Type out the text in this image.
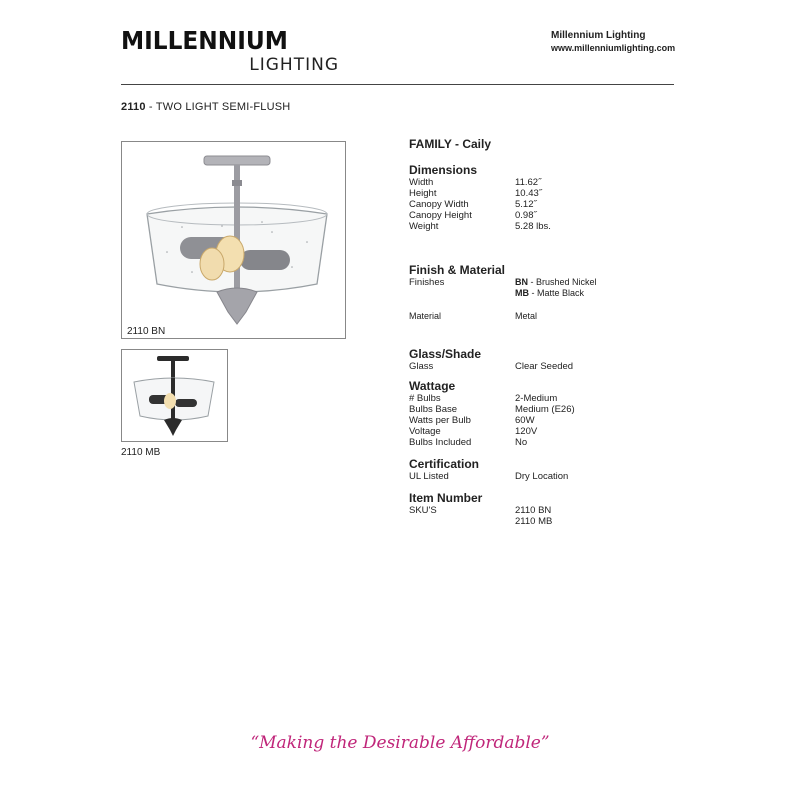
MILLENNIUM
LIGHTING
Millennium Lighting
www.millenniumlighting.com
2110 - TWO LIGHT SEMI-FLUSH
2110 BN
2110 MB
FAMILY - Caily
Dimensions
Width	11.62˝
Height	10.43˝
Canopy Width	5.12˝
Canopy Height	0.98˝
Weight	5.28 lbs.
Finish & Material
Finishes	BN - Brushed Nickel
MB - Matte Black
Material	Metal
Glass/Shade
Glass	Clear Seeded
Wattage
# Bulbs	2-Medium
Bulbs Base	Medium (E26)
Watts per Bulb	60W
Voltage	120V
Bulbs Included	No
Certification
UL Listed	Dry Location
Item Number
SKU'S	2110 BN
2110 MB
“Making the Desirable Affordable”
